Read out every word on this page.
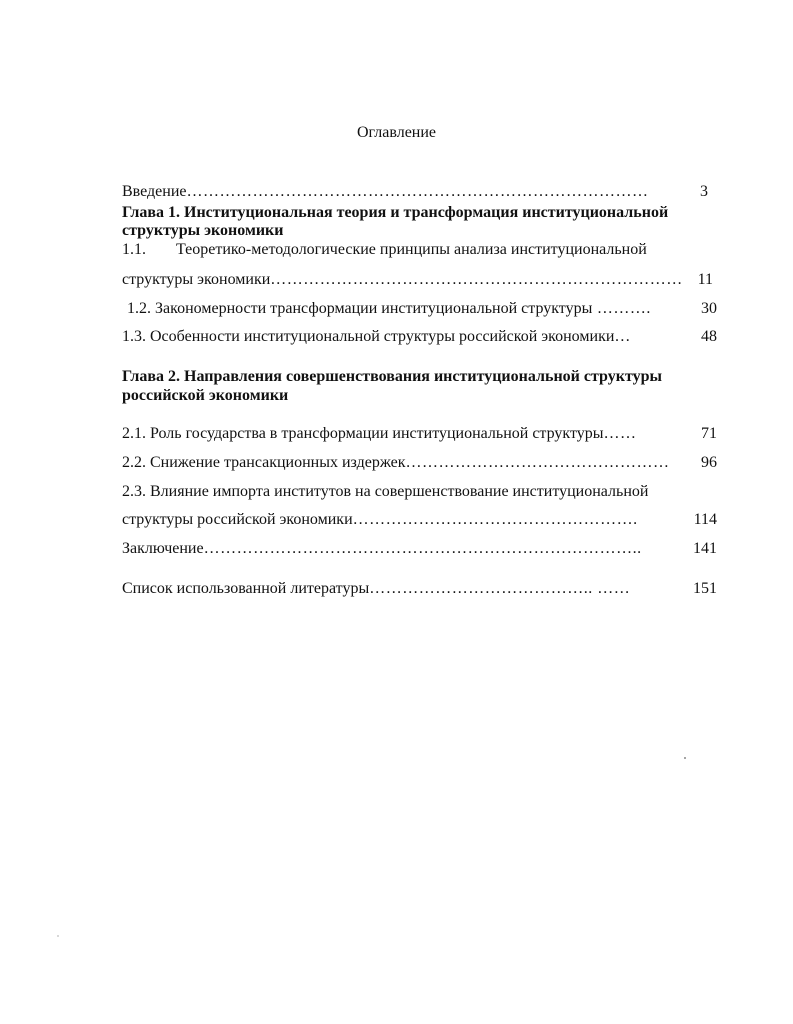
Оглавление
Введение…………………………………………………………………………	3
Глава 1. Институциональная теория и трансформация институциональной
структуры экономики
1.1. Теоретико-методологические принципы анализа институциональной
структуры экономики………………………………………………………………… 11
1.2. Закономерности трансформации институциональной структуры ……….	30
1.3. Особенности институциональной структуры российской экономики…	48
Глава 2. Направления совершенствования институциональной структуры
российской экономики
2.1. Роль государства в трансформации институциональной структуры……	71
2.2. Снижение трансакционных издержек………………………………………… 96
2.3. Влияние импорта институтов на совершенствование институциональной
структуры российской экономики…………………………………………….	114
Заключение……………………………………………………………………..	141
Список использованной литературы………………………………….. ……	151
